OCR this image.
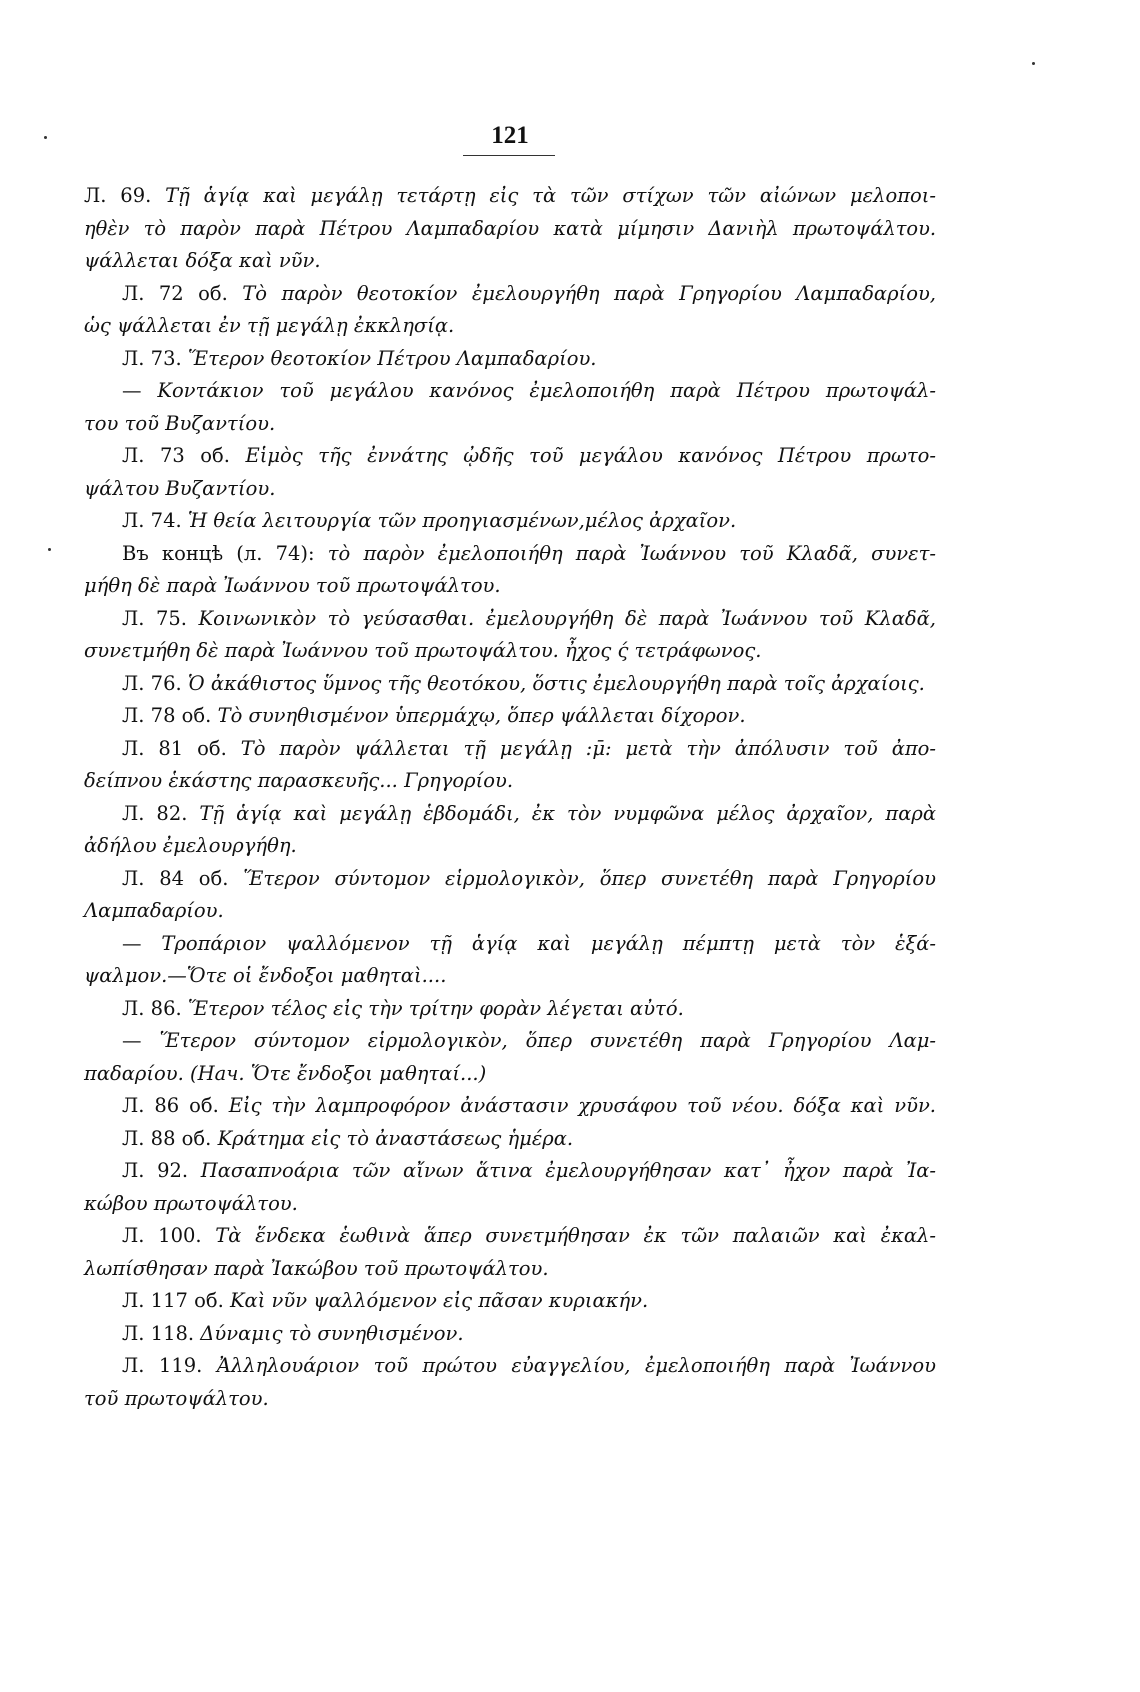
121
Л. 69. Τῇ ἁγίᾳ καὶ μεγάλῃ τετάρτῃ εἰς τὰ τῶν στίχων τῶν αἰώνων μελοποι-
ηθὲν τὸ παρὸν παρὰ Πέτρου Λαμπαδαρίου κατὰ μίμησιν Δανιὴλ πρωτοψάλτου.
ψάλλεται δόξα καὶ νῦν.
Л. 72 об. Τὸ παρὸν θεοτοκίον ἐμελουργήθη παρὰ Γρηγορίου Λαμπαδαρίου,
ὡς ψάλλεται ἐν τῇ μεγάλῃ ἐκκλησίᾳ.
Л. 73. Ἕτερον θεοτοκίον Πέτρου Λαμπαδαρίου.
— Κοντάκιον τοῦ μεγάλου κανόνος ἐμελοποιήθη παρὰ Πέτρου πρωτοψάλ-
του τοῦ Βυζαντίου.
Л. 73 об. Εἱμὸς τῆς ἐννάτης ᾠδῆς τοῦ μεγάλου κανόνος Πέτρου πρωτο-
ψάλτου Βυζαντίου.
Л. 74. Ἡ θεία λειτουργία τῶν προηγιασμένων,μέλος ἀρχαῖον.
Въ концѣ (л. 74): τὸ παρὸν ἐμελοποιήθη παρὰ Ἰωάννου τοῦ Κλαδᾶ, συνετ-
μήθη δὲ παρὰ Ἰωάννου τοῦ πρωτοψάλτου.
Л. 75. Κοινωνικὸν τὸ γεύσασθαι. ἐμελουργήθη δὲ παρὰ Ἰωάννου τοῦ Κλαδᾶ,
συνετμήθη δὲ παρὰ Ἰωάννου τοῦ πρωτοψάλτου. ἦχος ς́ τετράφωνος.
Л. 76. Ὁ ἀκάθιστος ὕμνος τῆς θεοτόκου, ὅστις ἐμελουργήθη παρὰ τοῖς ἀρχαίοις.
Л. 78 об. Τὸ συνηθισμένον ὑπερμάχῳ, ὅπερ ψάλλεται δίχορον.
Л. 81 об. Τὸ παρὸν ψάλλεται τῇ μεγάλῃ :μ̄: μετὰ τὴν ἀπόλυσιν τοῦ ἀπο-
δείπνου ἑκάστης παρασκευῆς... Γρηγορίου.
Л. 82. Τῇ ἁγίᾳ καὶ μεγάλῃ ἑβδομάδι, ἐκ τὸν νυμφῶνα μέλος ἀρχαῖον, παρὰ
ἀδήλου ἐμελουργήθη.
Л. 84 об. Ἕτερον σύντομον εἱρμολογικὸν, ὅπερ συνετέθη παρὰ Γρηγορίου
Λαμπαδαρίου.
— Τροπάριον ψαλλόμενον τῇ ἁγίᾳ καὶ μεγάλῃ πέμπτῃ μετὰ τὸν ἑξά-
ψαλμον.—Ὅτε οἱ ἔνδοξοι μαθηταὶ....
Л. 86. Ἕτερον τέλος εἰς τὴν τρίτην φορὰν λέγεται αὐτό.
— Ἕτερον σύντομον εἱρμολογικὸν, ὅπερ συνετέθη παρὰ Γρηγορίου Λαμ-
παδαρίου. (Нач. Ὅτε ἔνδοξοι μαθηταί...)
Л. 86 об. Εἰς τὴν λαμπροφόρον ἀνάστασιν χρυσάφου τοῦ νέου. δόξα καὶ νῦν.
Л. 88 об. Κράτημα εἰς τὸ ἀναστάσεως ἡμέρα.
Л. 92. Πασαπνοάρια τῶν αἴνων ἅτινα ἐμελουργήθησαν κατ᾿ ἦχον παρὰ Ἰα-
κώβου πρωτοψάλτου.
Л. 100. Τὰ ἕνδεκα ἑωθινὰ ἅπερ συνετμήθησαν ἐκ τῶν παλαιῶν καὶ ἐκαλ-
λωπίσθησαν παρὰ Ἰακώβου τοῦ πρωτοψάλτου.
Л. 117 об. Καὶ νῦν ψαλλόμενον εἰς πᾶσαν κυριακήν.
Л. 118. Δύναμις τὸ συνηθισμένον.
Л. 119. Ἀλληλουάριον τοῦ πρώτου εὐαγγελίου, ἐμελοποιήθη παρὰ Ἰωάννου
τοῦ πρωτοψάλτου.
